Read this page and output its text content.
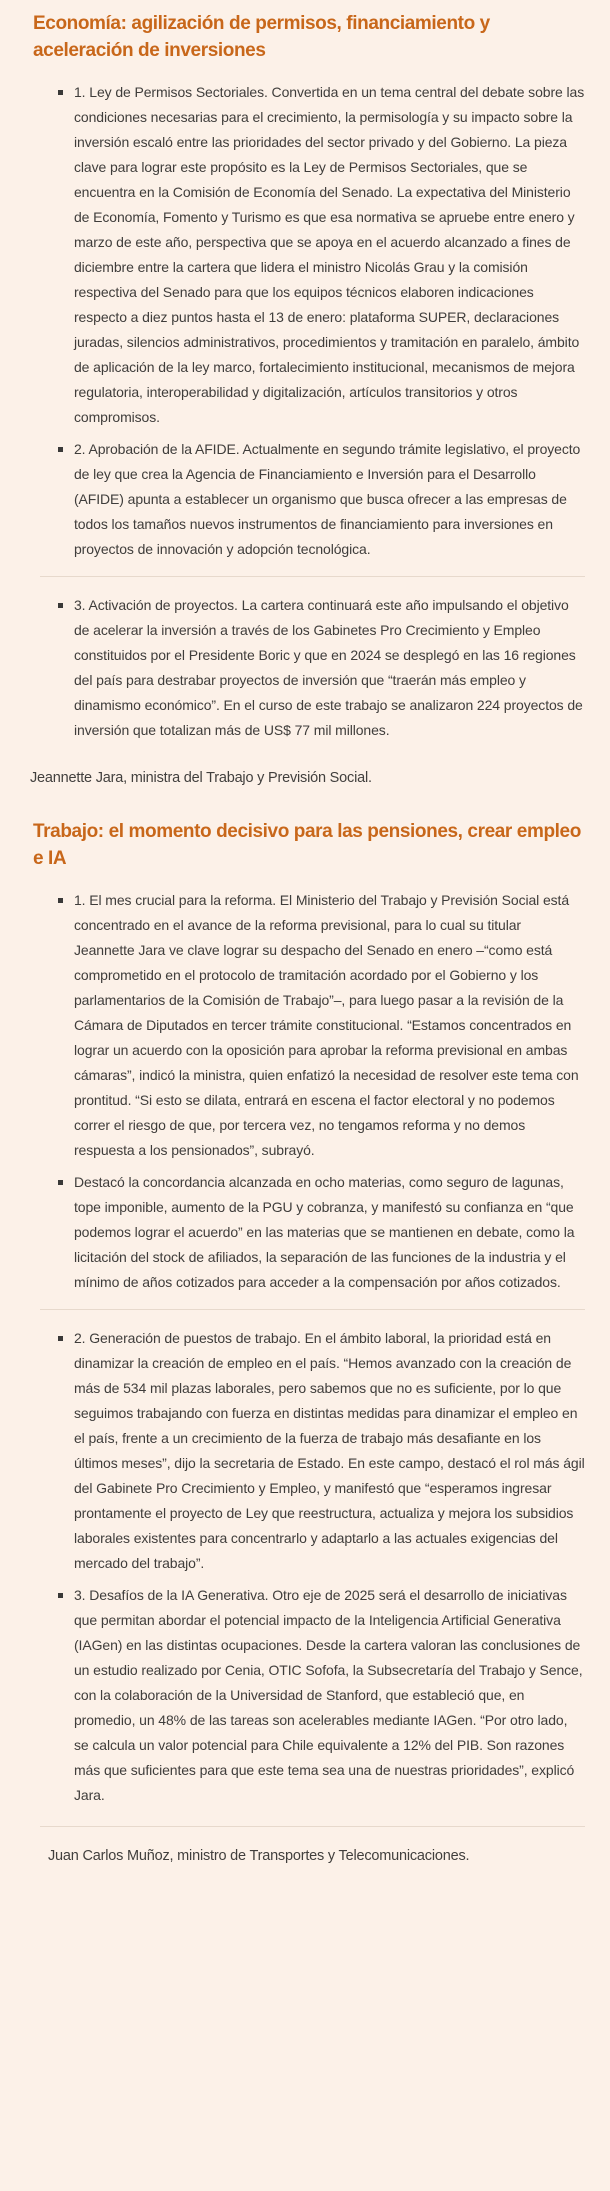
Economía: agilización de permisos, financiamiento y aceleración de inversiones
1. Ley de Permisos Sectoriales. Convertida en un tema central del debate sobre las condiciones necesarias para el crecimiento, la permisología y su impacto sobre la inversión escaló entre las prioridades del sector privado y del Gobierno. La pieza clave para lograr este propósito es la Ley de Permisos Sectoriales, que se encuentra en la Comisión de Economía del Senado. La expectativa del Ministerio de Economía, Fomento y Turismo es que esa normativa se apruebe entre enero y marzo de este año, perspectiva que se apoya en el acuerdo alcanzado a fines de diciembre entre la cartera que lidera el ministro Nicolás Grau y la comisión respectiva del Senado para que los equipos técnicos elaboren indicaciones respecto a diez puntos hasta el 13 de enero: plataforma SUPER, declaraciones juradas, silencios administrativos, procedimientos y tramitación en paralelo, ámbito de aplicación de la ley marco, fortalecimiento institucional, mecanismos de mejora regulatoria, interoperabilidad y digitalización, artículos transitorios y otros compromisos.
2. Aprobación de la AFIDE. Actualmente en segundo trámite legislativo, el proyecto de ley que crea la Agencia de Financiamiento e Inversión para el Desarrollo (AFIDE) apunta a establecer un organismo que busca ofrecer a las empresas de todos los tamaños nuevos instrumentos de financiamiento para inversiones en proyectos de innovación y adopción tecnológica.
3. Activación de proyectos. La cartera continuará este año impulsando el objetivo de acelerar la inversión a través de los Gabinetes Pro Crecimiento y Empleo constituidos por el Presidente Boric y que en 2024 se desplegó en las 16 regiones del país para destrabar proyectos de inversión que “traerán más empleo y dinamismo económico”. En el curso de este trabajo se analizaron 224 proyectos de inversión que totalizan más de US$ 77 mil millones.

Jeannette Jara, ministra del Trabajo y Previsión Social.

Trabajo: el momento decisivo para las pensiones, crear empleo e IA
1. El mes crucial para la reforma. El Ministerio del Trabajo y Previsión Social está concentrado en el avance de la reforma previsional, para lo cual su titular Jeannette Jara ve clave lograr su despacho del Senado en enero –“como está comprometido en el protocolo de tramitación acordado por el Gobierno y los parlamentarios de la Comisión de Trabajo”–, para luego pasar a la revisión de la Cámara de Diputados en tercer trámite constitucional. “Estamos concentrados en lograr un acuerdo con la oposición para aprobar la reforma previsional en ambas cámaras”, indicó la ministra, quien enfatizó la necesidad de resolver este tema con prontitud. “Si esto se dilata, entrará en escena el factor electoral y no podemos correr el riesgo de que, por tercera vez, no tengamos reforma y no demos respuesta a los pensionados”, subrayó.
Destacó la concordancia alcanzada en ocho materias, como seguro de lagunas, tope imponible, aumento de la PGU y cobranza, y manifestó su confianza en “que podemos lograr el acuerdo” en las materias que se mantienen en debate, como la licitación del stock de afiliados, la separación de las funciones de la industria y el mínimo de años cotizados para acceder a la compensación por años cotizados.
2. Generación de puestos de trabajo. En el ámbito laboral, la prioridad está en dinamizar la creación de empleo en el país. “Hemos avanzado con la creación de más de 534 mil plazas laborales, pero sabemos que no es suficiente, por lo que seguimos trabajando con fuerza en distintas medidas para dinamizar el empleo en el país, frente a un crecimiento de la fuerza de trabajo más desafiante en los últimos meses”, dijo la secretaria de Estado. En este campo, destacó el rol más ágil del Gabinete Pro Crecimiento y Empleo, y manifestó que “esperamos ingresar prontamente el proyecto de Ley que reestructura, actualiza y mejora los subsidios laborales existentes para concentrarlo y adaptarlo a las actuales exigencias del mercado del trabajo”.
3. Desafíos de la IA Generativa. Otro eje de 2025 será el desarrollo de iniciativas que permitan abordar el potencial impacto de la Inteligencia Artificial Generativa (IAGen) en las distintas ocupaciones. Desde la cartera valoran las conclusiones de un estudio realizado por Cenia, OTIC Sofofa, la Subsecretaría del Trabajo y Sence, con la colaboración de la Universidad de Stanford, que estableció que, en promedio, un 48% de las tareas son acelerables mediante IAGen. “Por otro lado, se calcula un valor potencial para Chile equivalente a 12% del PIB. Son razones más que suficientes para que este tema sea una de nuestras prioridades”, explicó Jara.

Juan Carlos Muñoz, ministro de Transportes y Telecomunicaciones.
